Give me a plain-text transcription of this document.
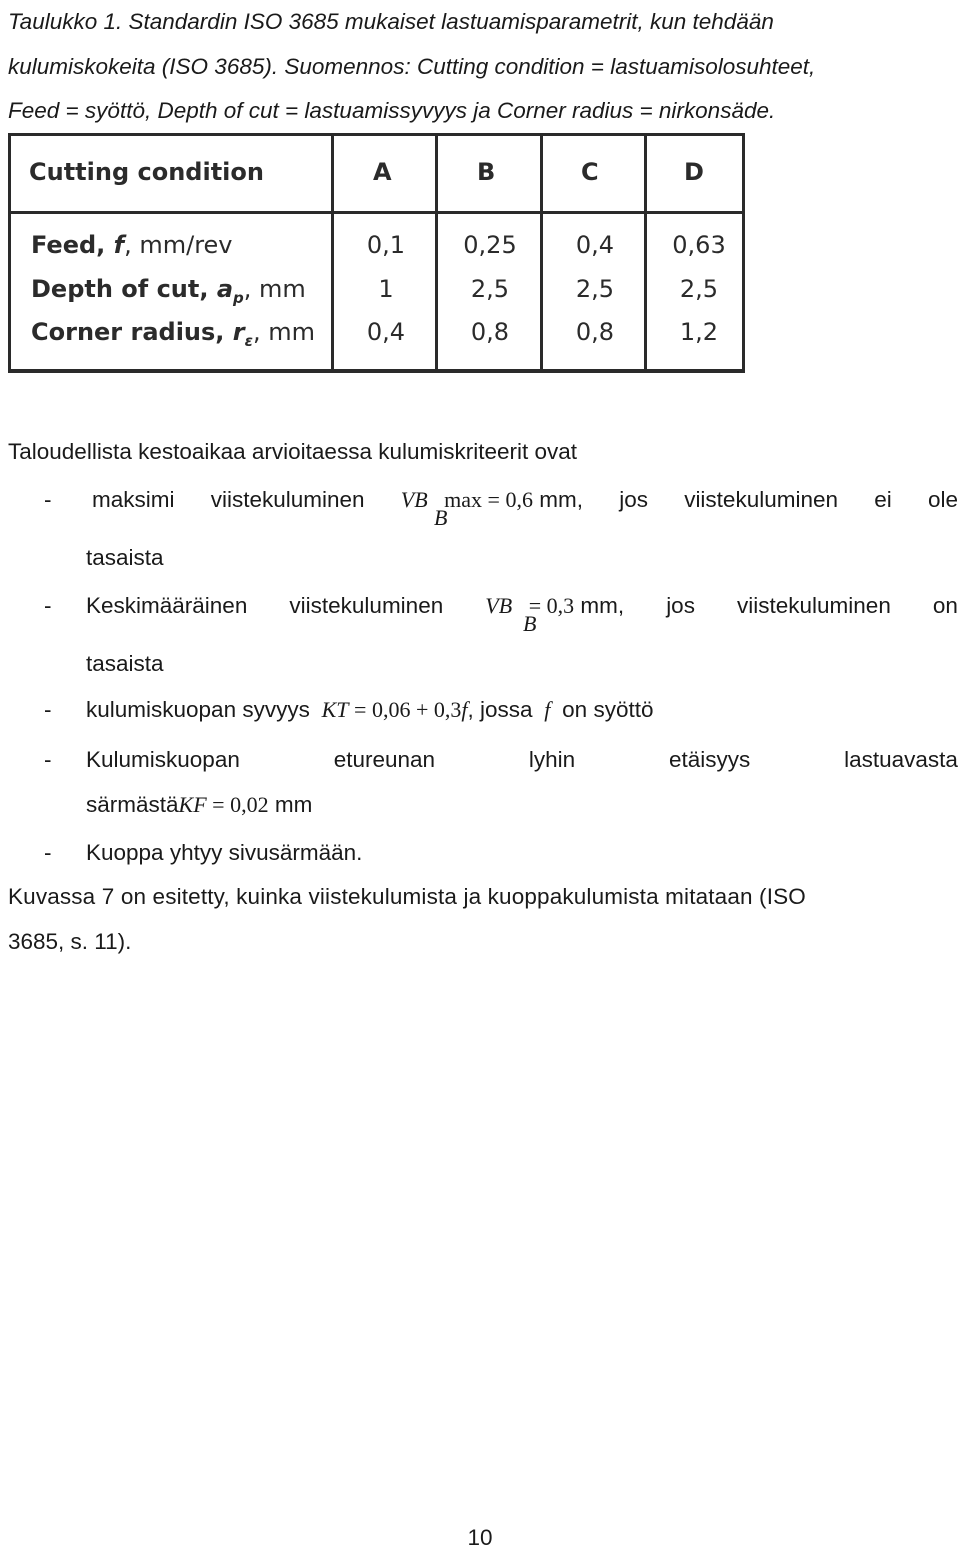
Taulukko 1. Standardin ISO 3685 mukaiset lastuamisparametrit, kun tehdään
kulumiskokeita (ISO 3685). Suomennos: Cutting condition = lastuamisolosuhteet,
Feed = syöttö, Depth of cut = lastuamissyvyys ja Corner radius = nirkonsäde.
Cutting condition	A	B	C	D
Feed, f, mm/rev	0,1	0,25	0,4	0,63
Depth of cut, $a_p$, mm	1	2,5	2,5	2,5
Corner radius, $r_\varepsilon$, mm	0,4	0,8	0,8	1,2
Taloudellista kestoaikaa arvioitaessa kulumiskriteerit ovat
- maksimi viistekuluminen VB max = 0,6 mm, jos viistekuluminen ei ole
B
tasaista
- Keskimääräinen viistekuluminen VB = 0,3 mm, jos viistekuluminen on
B
tasaista
- kulumiskuopan syvyys KT = 0,06 + 0,3f, jossa f on syöttö
- Kulumiskuopan	etureunan	lyhin	etäisyys	lastuavasta
särmästäKF = 0,02 mm
- Kuoppa yhtyy sivusärmään.
Kuvassa 7 on esitetty, kuinka viistekulumista ja kuoppakulumista mitataan (ISO
3685, s. 11).
10
